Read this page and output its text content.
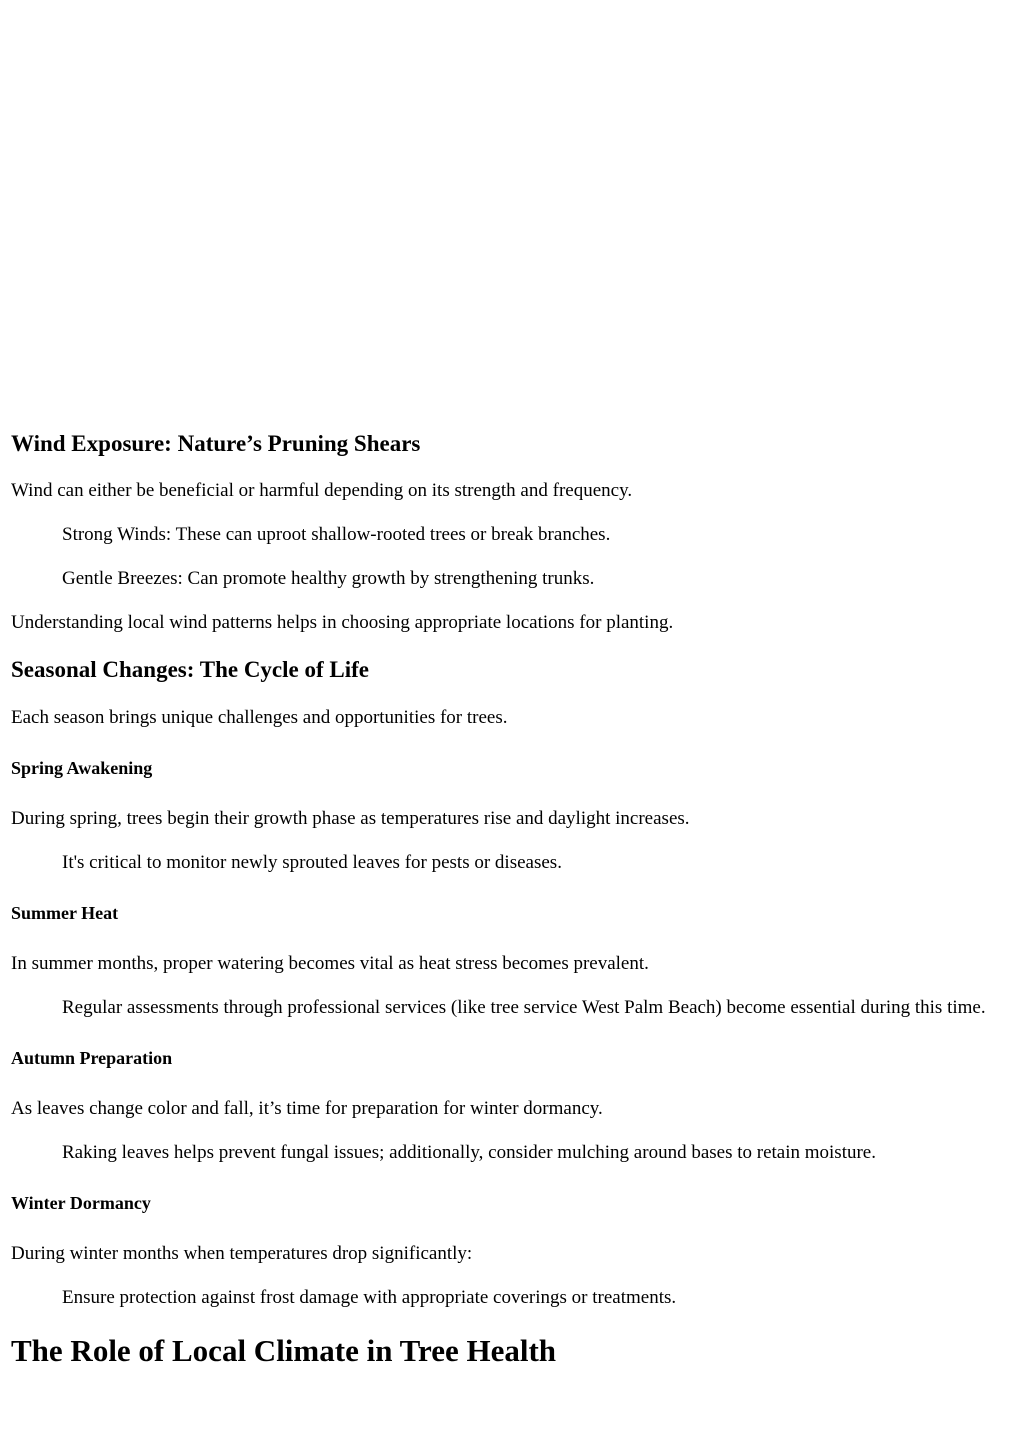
Wind Exposure: Nature’s Pruning Shears

Wind can either be beneficial or harmful depending on its strength and frequency.

Strong Winds: These can uproot shallow-rooted trees or break branches.
Gentle Breezes: Can promote healthy growth by strengthening trunks.

Understanding local wind patterns helps in choosing appropriate locations for planting.

Seasonal Changes: The Cycle of Life

Each season brings unique challenges and opportunities for trees.

Spring Awakening

During spring, trees begin their growth phase as temperatures rise and daylight increases.

It's critical to monitor newly sprouted leaves for pests or diseases.
Summer Heat

In summer months, proper watering becomes vital as heat stress becomes prevalent.

Regular assessments through professional services (like tree service West Palm Beach) become essential during this time.
Autumn Preparation

As leaves change color and fall, it’s time for preparation for winter dormancy.

Raking leaves helps prevent fungal issues; additionally, consider mulching around bases to retain moisture.
Winter Dormancy

During winter months when temperatures drop significantly:

Ensure protection against frost damage with appropriate coverings or treatments.
The Role of Local Climate in Tree Health
